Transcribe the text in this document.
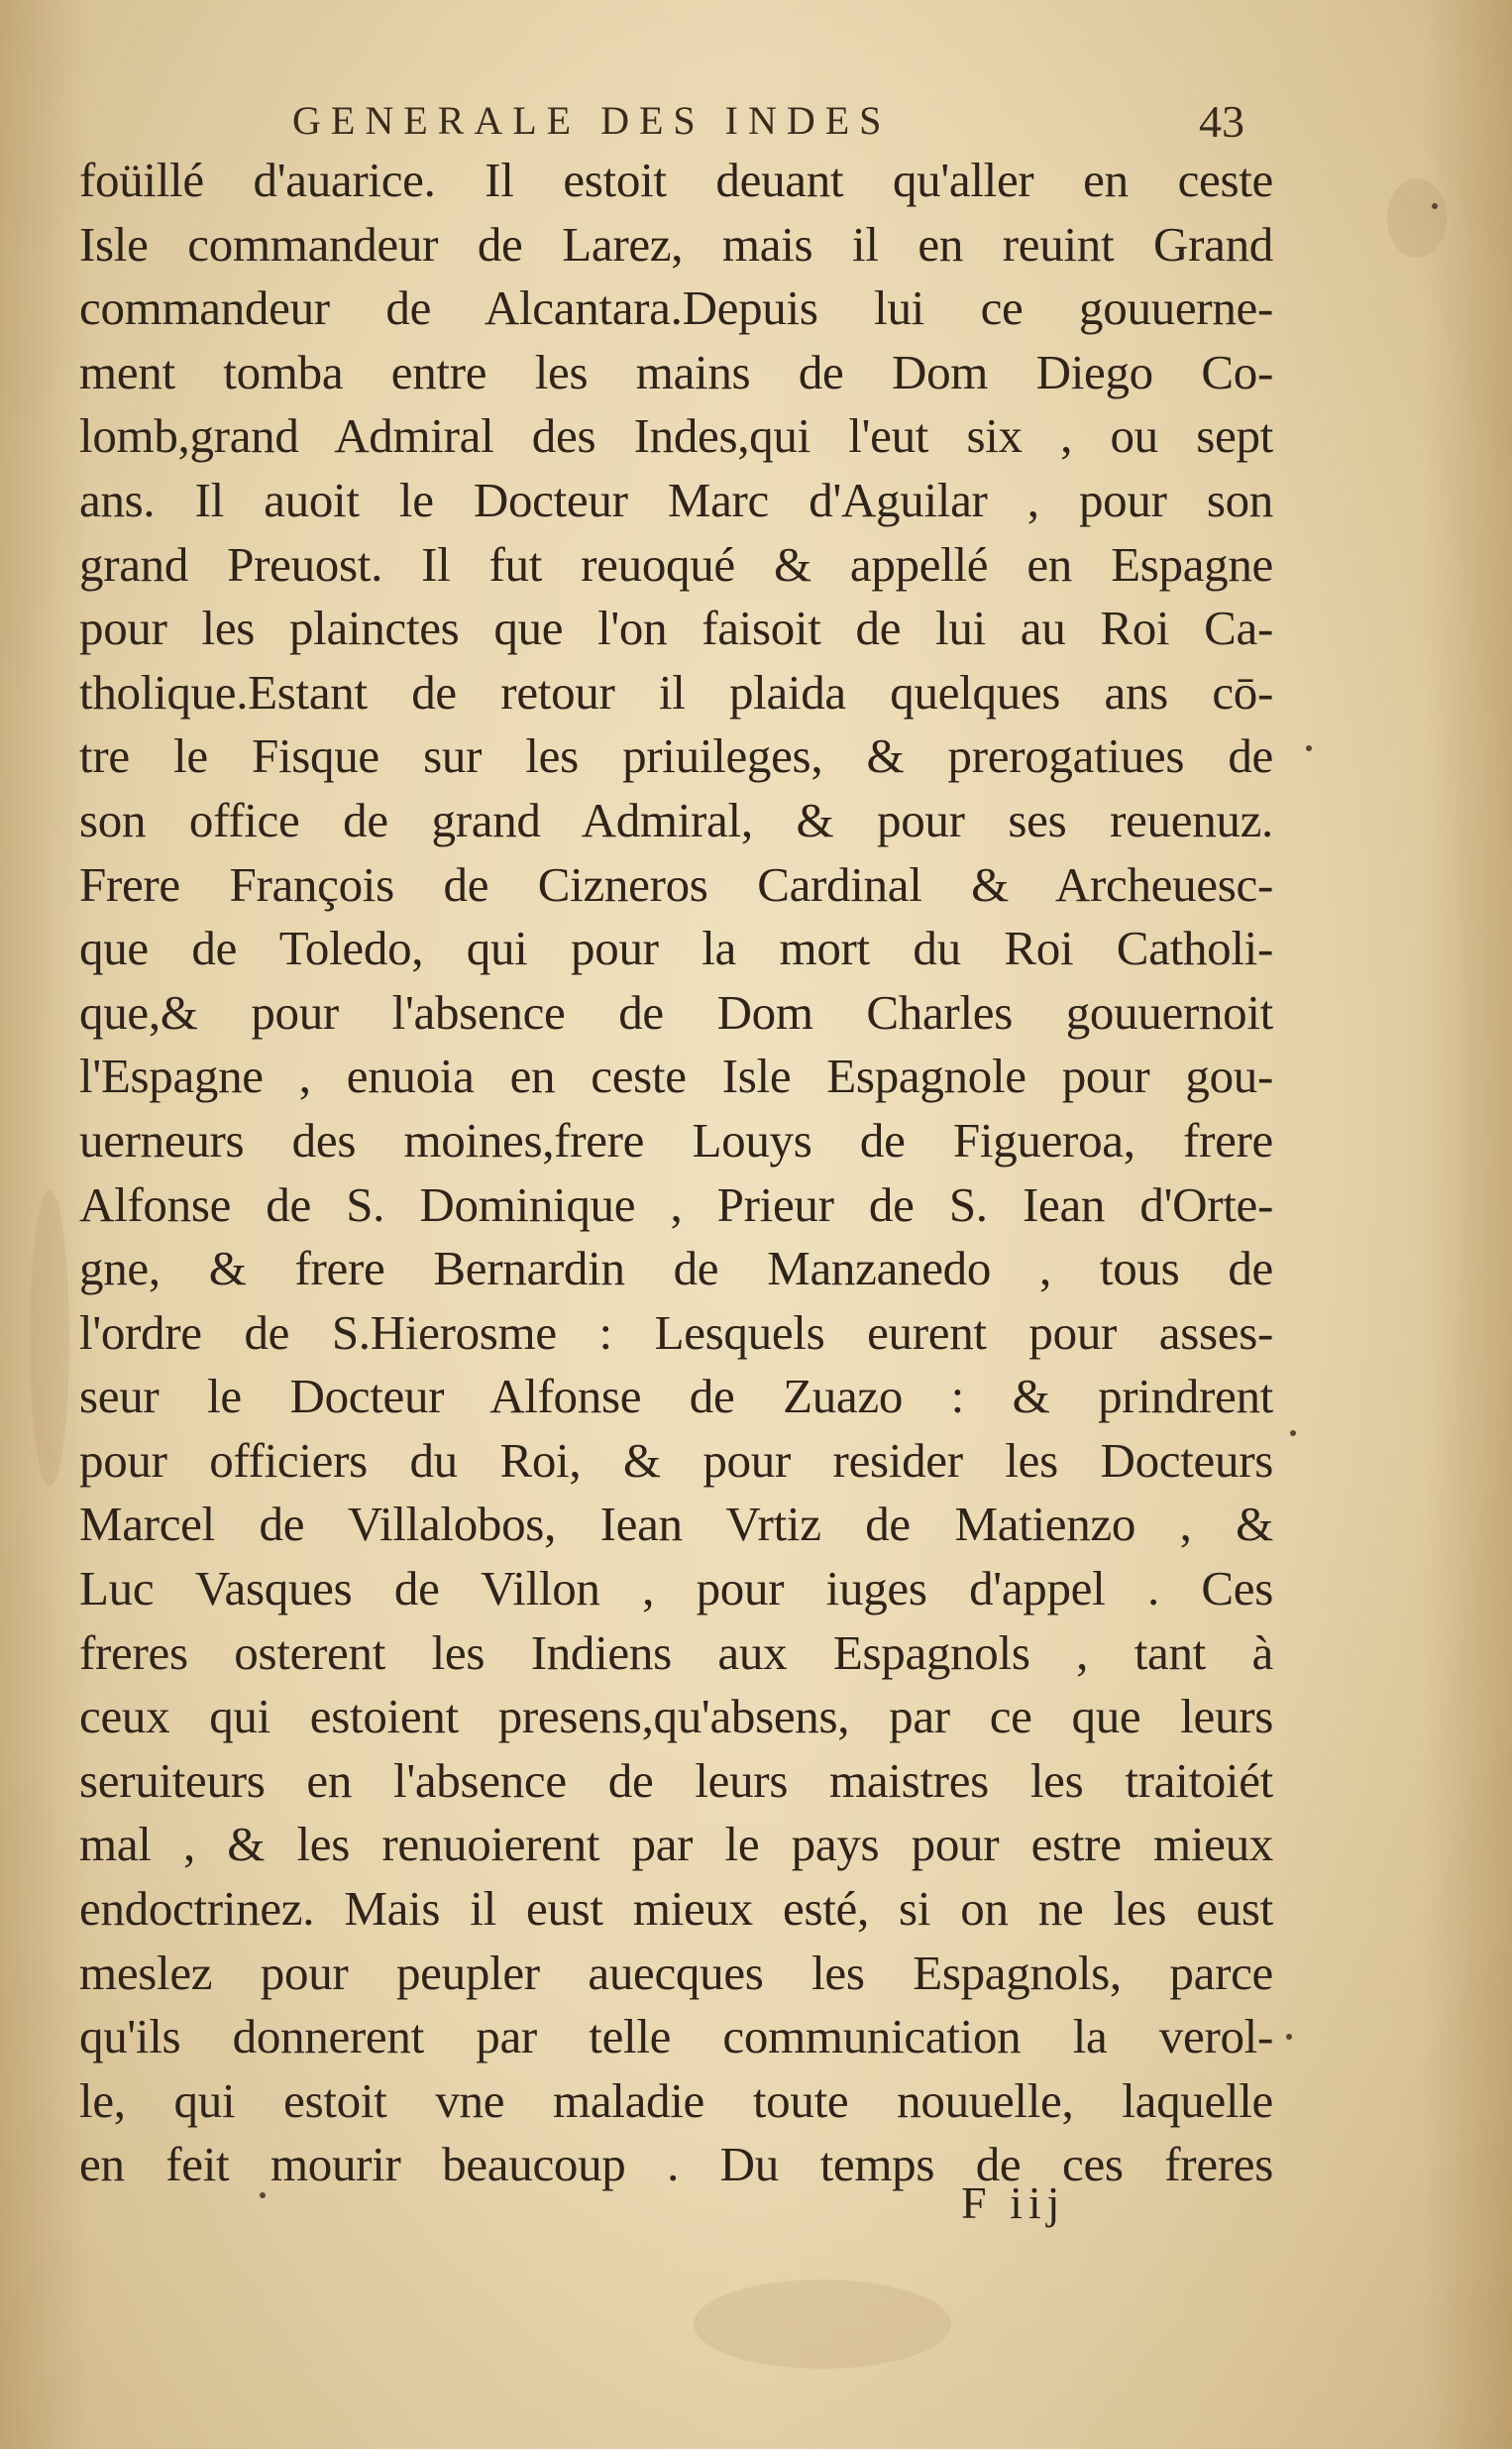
GENERALE DES INDES	43
foüillé d'auarice. Il estoit deuant qu'aller en ceste
Isle commandeur de Larez, mais il en reuint Grand
commandeur de Alcantara.Depuis lui ce gouuerne-
ment tomba entre les mains de Dom Diego Co-
lomb,grand Admiral des Indes,qui l'eut six , ou sept
ans. Il auoit le Docteur Marc d'Aguilar , pour son
grand Preuost. Il fut reuoqué & appellé en Espagne
pour les plainctes que l'on faisoit de lui au Roi Ca-
tholique.Estant de retour il plaida quelques ans cō-
tre le Fisque sur les priuileges, & prerogatiues de
son office de grand Admiral, & pour ses reuenuz.
Frere François de Cizneros Cardinal & Archeuesc-
que de Toledo, qui pour la mort du Roi Catholi-
que,& pour l'absence de Dom Charles gouuernoit
l'Espagne , enuoia en ceste Isle Espagnole pour gou-
uerneurs des moines,frere Louys de Figueroa, frere
Alfonse de S. Dominique , Prieur de S. Iean d'Orte-
gne, & frere Bernardin de Manzanedo , tous de
l'ordre de S.Hierosme : Lesquels eurent pour asses-
seur le Docteur Alfonse de Zuazo : & prindrent
pour officiers du Roi, & pour resider les Docteurs
Marcel de Villalobos, Iean Vrtiz de Matienzo , &
Luc Vasques de Villon , pour iuges d'appel . Ces
freres osterent les Indiens aux Espagnols , tant à
ceux qui estoient presens,qu'absens, par ce que leurs
seruiteurs en l'absence de leurs maistres les traitoiét
mal , & les renuoierent par le pays pour estre mieux
endoctrinez. Mais il eust mieux esté, si on ne les eust
meslez pour peupler auecques les Espagnols, parce
qu'ils donnerent par telle communication la verol-
le, qui estoit vne maladie toute nouuelle, laquelle
en feit mourir beaucoup . Du temps de ces freres
F iij
